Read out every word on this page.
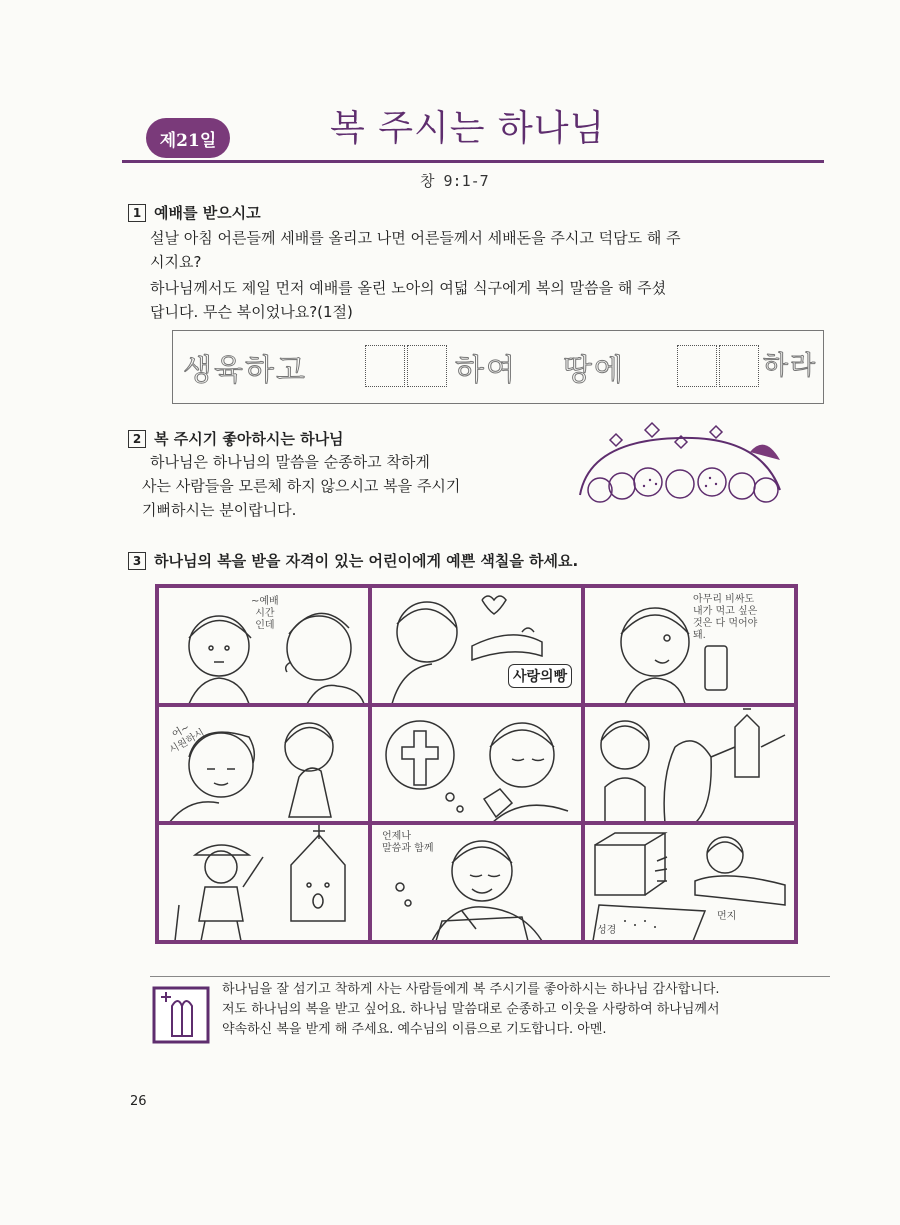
제21일	복 주시는 하나님
창 9:1-7
1 예배를 받으시고
설날 아침 어른들께 세배를 올리고 나면 어른들께서 세배돈을 주시고 덕담도 해 주
시지요?
하나님께서도 제일 먼저 예배를 올린 노아의 여덟 식구에게 복의 말씀을 해 주셨
답니다. 무슨 복이었나요?(1절)
생육하고	하여 땅에	하라
2 복 주시기 좋아하시는 하나님
하나님은 하나님의 말씀을 순종하고 착하게
사는 사람들을 모른체 하지 않으시고 복을 주시기
기뻐하시는 분이랍니다.
3 하나님의 복을 받을 자격이 있는 어린이에게 예쁜 색칠을 하세요.
~예배
시간
인데
사랑의빵
아무리 비싸도
내가 먹고 싶은
것은 다 먹어야
돼.
어~
시원하시
언제나
말씀과 함께
먼지
성경
하나님을 잘 섬기고 착하게 사는 사람들에게 복 주시기를 좋아하시는 하나님 감사합니다.
저도 하나님의 복을 받고 싶어요. 하나님 말씀대로 순종하고 이웃을 사랑하여 하나님께서
약속하신 복을 받게 해 주세요. 예수님의 이름으로 기도합니다. 아멘.
26
